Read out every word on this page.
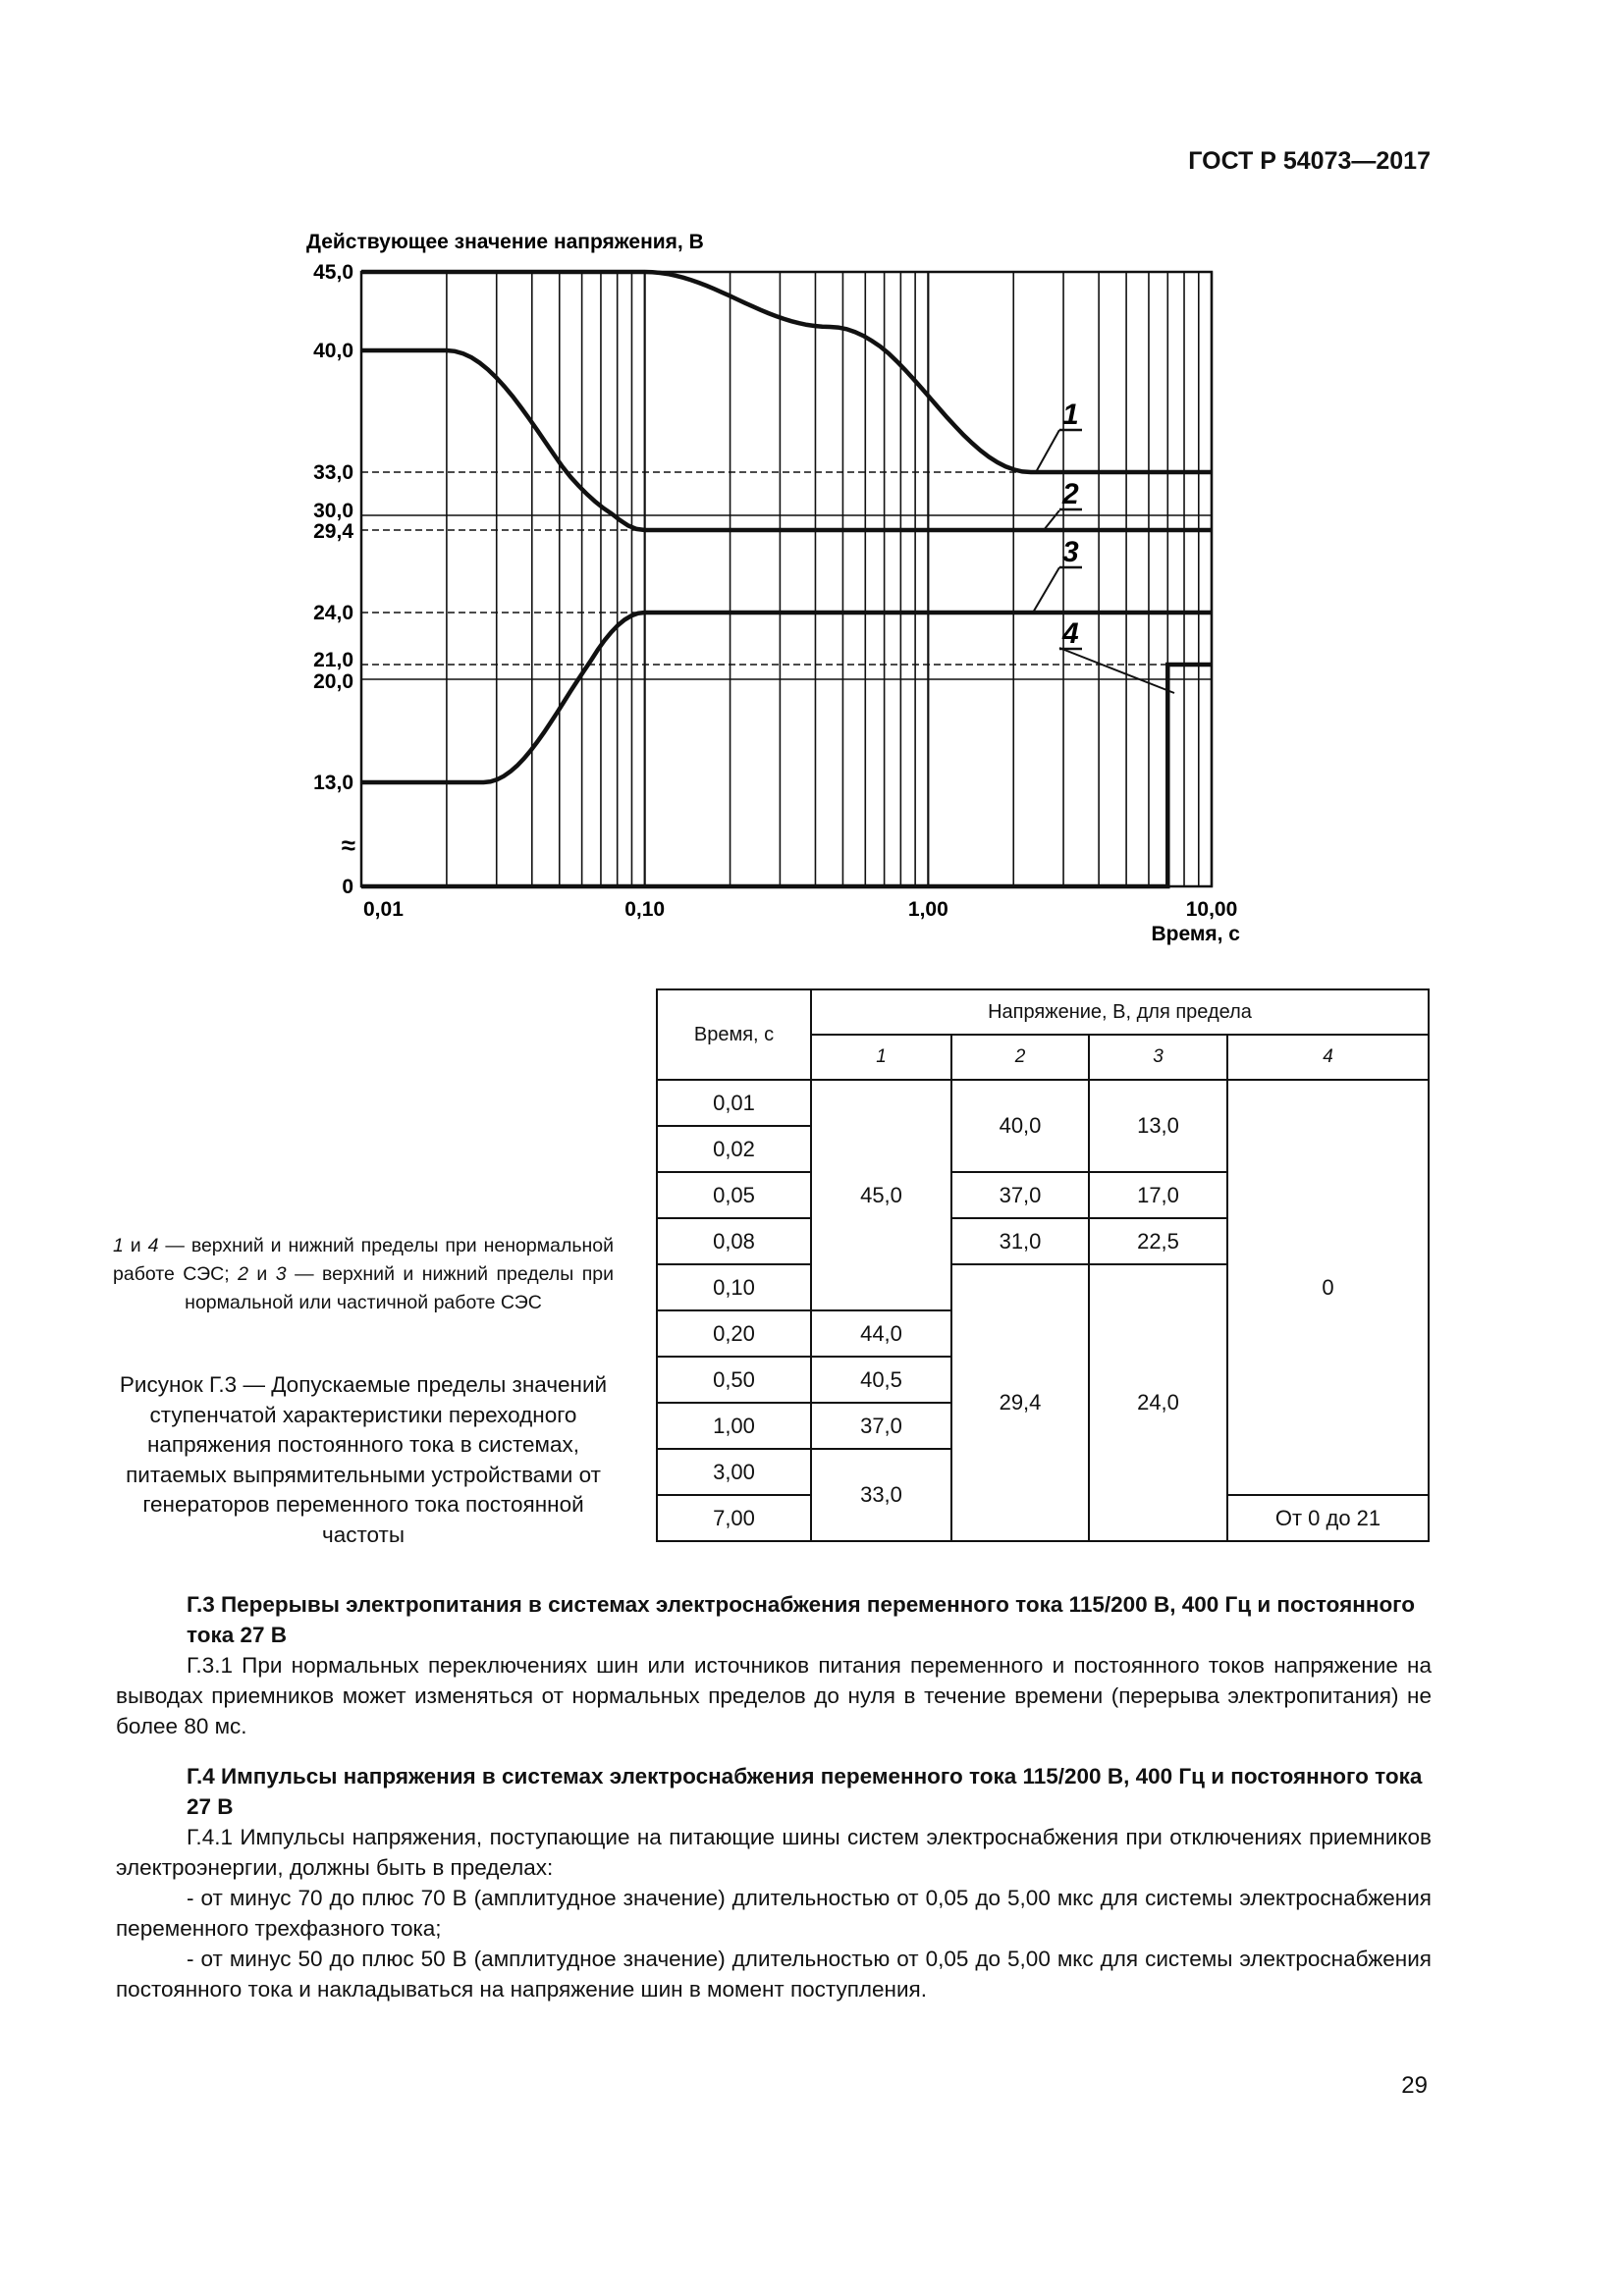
ГОСТ Р 54073—2017
0
13,0
20,0
21,0
24,0
29,4
30,0
33,0
40,0
45,0
≈
0,01	0,10	1,00	10,00
1
2
3
4
Действующее значение напряжения, В
Время, с
Время, с	Напряжение, В, для предела			
	1	2	3	4
0,01	45,0	40,0	13,0	0
0,02				
0,05		37,0	17,0	
0,08		31,0	22,5	
0,10		29,4	24,0	
0,20	44,0			
0,50	40,5			
1,00	37,0			
3,00	33,0			
7,00				От 0 до 21
1 и 4 — верхний и нижний пределы при ненормальной работе СЭС; 2 и 3 — верхний и нижний пределы при нормальной или частичной работе СЭС
Рисунок Г.3 — Допускаемые пределы значений ступенчатой характеристики переходного напряжения постоянного тока в системах, питаемых выпрямительными устройствами от генераторов переменного тока постоянной частоты

Г.3 Перерывы электропитания в системах электроснабжения переменного тока 115/200 В, 400 Гц и постоянного тока 27 В

Г.3.1 При нормальных переключениях шин или источников питания переменного и постоянного токов напряжение на выводах приемников может изменяться от нормальных пределов до нуля в течение времени (перерыва электропитания) не более 80 мс.

Г.4 Импульсы напряжения в системах электроснабжения переменного тока 115/200 В, 400 Гц и постоянного тока 27 В

Г.4.1 Импульсы напряжения, поступающие на питающие шины систем электроснабжения при отключениях приемников электроэнергии, должны быть в пределах:

- от минус 70 до плюс 70 В (амплитудное значение) длительностью от 0,05 до 5,00 мкс для системы электроснабжения переменного трехфазного тока;

- от минус 50 до плюс 50 В (амплитудное значение) длительностью от 0,05 до 5,00 мкс для системы электроснабжения постоянного тока и накладываться на напряжение шин в момент поступления.

29
